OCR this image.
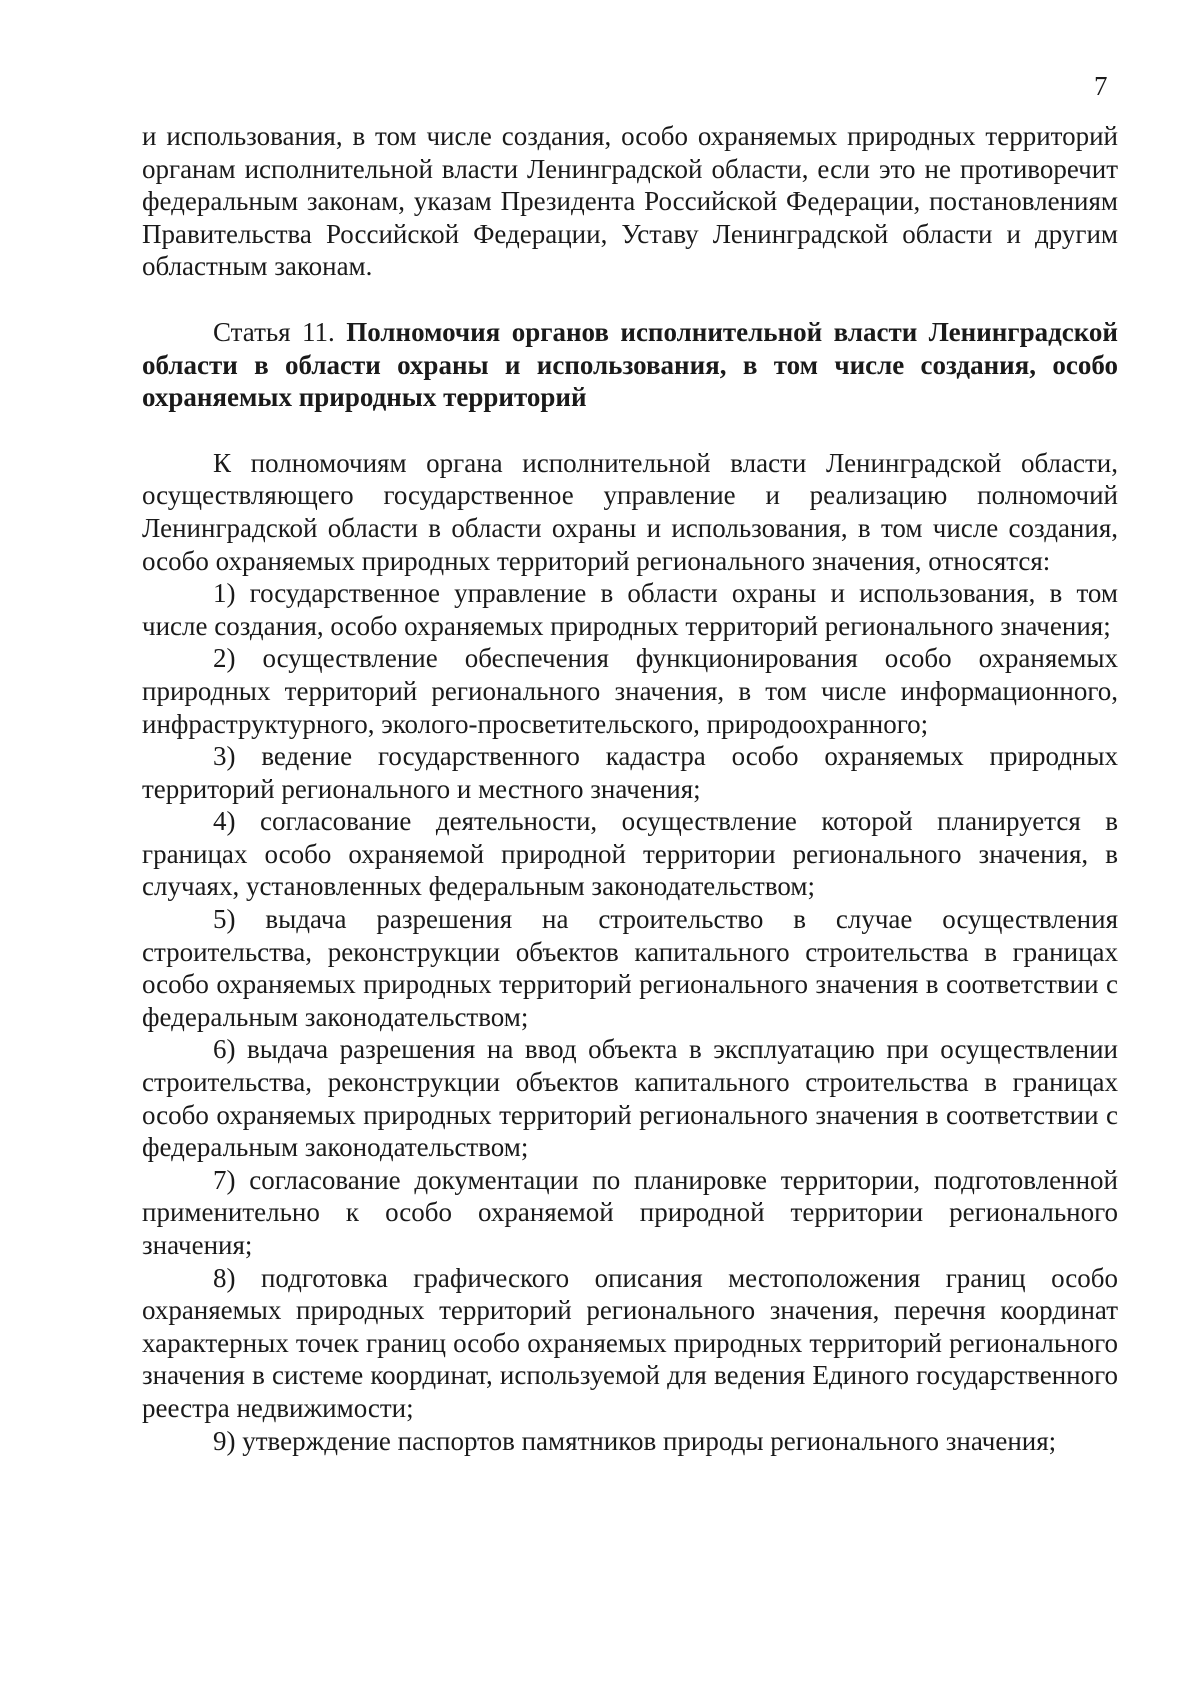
7

и использования, в том числе создания, особо охраняемых природных территорий органам исполнительной власти Ленинградской области, если это не противоречит федеральным законам, указам Президента Российской Федерации, постановлениям Правительства Российской Федерации, Уставу Ленинградской области и другим областным законам.

Статья 11. Полномочия органов исполнительной власти Ленинградской области в области охраны и использования, в том числе создания, особо охраняемых природных территорий

К полномочиям органа исполнительной власти Ленинградской области, осуществляющего государственное управление и реализацию полномочий Ленинградской области в области охраны и использования, в том числе создания, особо охраняемых природных территорий регионального значения, относятся:

1) государственное управление в области охраны и использования, в том числе создания, особо охраняемых природных территорий регионального значения;

2) осуществление обеспечения функционирования особо охраняемых природных территорий регионального значения, в том числе информационного, инфраструктурного, эколого-просветительского, природоохранного;

3) ведение государственного кадастра особо охраняемых природных территорий регионального и местного значения;

4) согласование деятельности, осуществление которой планируется в границах особо охраняемой природной территории регионального значения, в случаях, установленных федеральным законодательством;

5) выдача разрешения на строительство в случае осуществления строительства, реконструкции объектов капитального строительства в границах особо охраняемых природных территорий регионального значения в соответствии с федеральным законодательством;

6) выдача разрешения на ввод объекта в эксплуатацию при осуществлении строительства, реконструкции объектов капитального строительства в границах особо охраняемых природных территорий регионального значения в соответствии с федеральным законодательством;

7) согласование документации по планировке территории, подготовленной применительно к особо охраняемой природной территории регионального значения;

8) подготовка графического описания местоположения границ особо охраняемых природных территорий регионального значения, перечня координат характерных точек границ особо охраняемых природных территорий регионального значения в системе координат, используемой для ведения Единого государственного реестра недвижимости;

9) утверждение паспортов памятников природы регионального значения;
